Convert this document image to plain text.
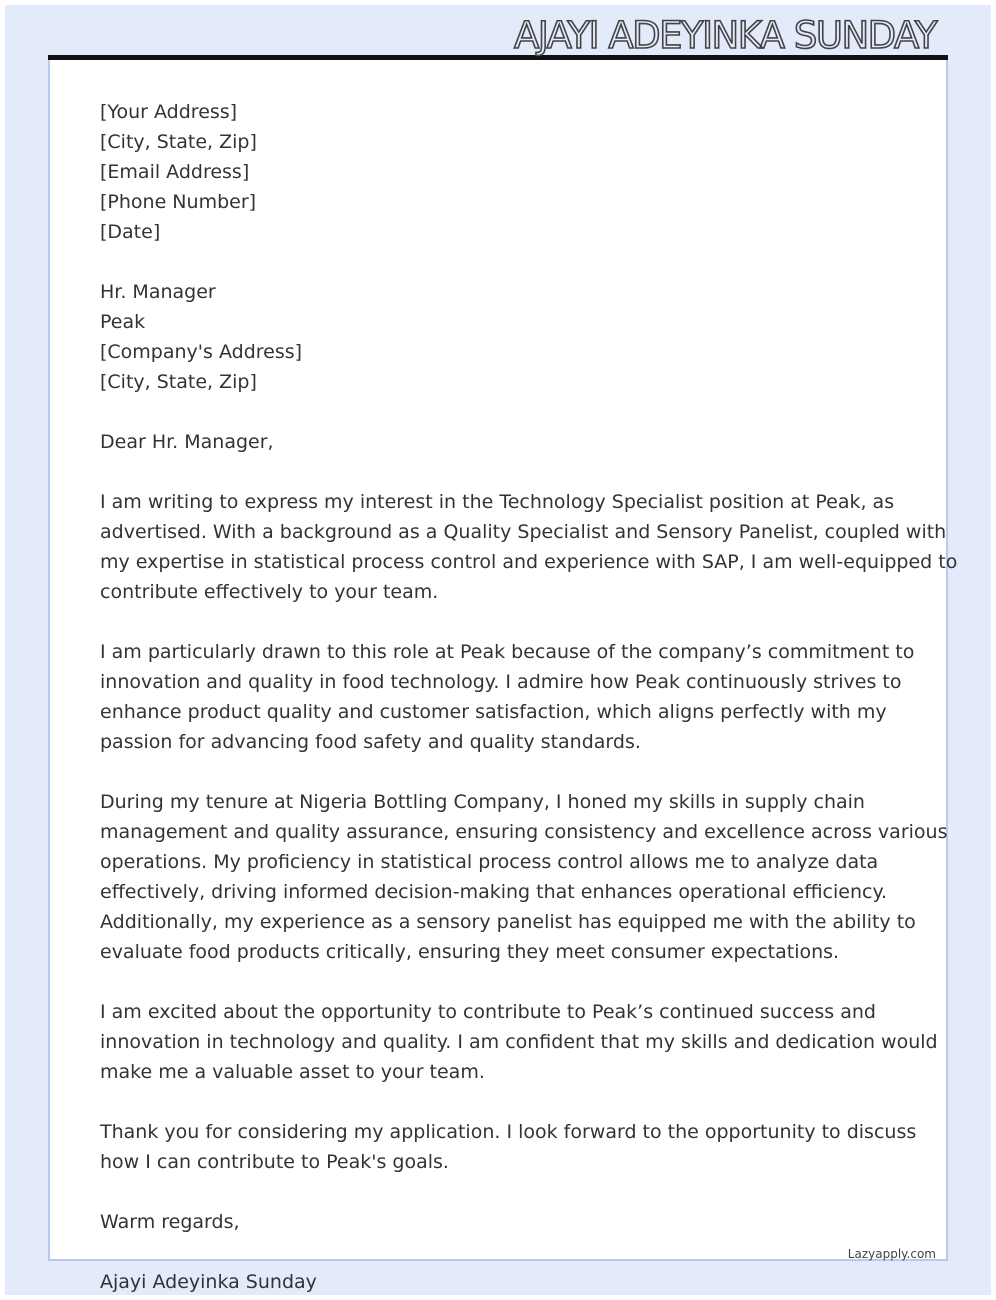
AJAYI ADEYINKA SUNDAY
[Your Address]
[City, State, Zip]
[Email Address]
[Phone Number]
[Date]
Hr. Manager
Peak
[Company's Address]
[City, State, Zip]
Dear Hr. Manager,
I am writing to express my interest in the Technology Specialist position at Peak, as
advertised. With a background as a Quality Specialist and Sensory Panelist, coupled with
my expertise in statistical process control and experience with SAP, I am well-equipped to
contribute effectively to your team.
I am particularly drawn to this role at Peak because of the company’s commitment to
innovation and quality in food technology. I admire how Peak continuously strives to
enhance product quality and customer satisfaction, which aligns perfectly with my
passion for advancing food safety and quality standards.
During my tenure at Nigeria Bottling Company, I honed my skills in supply chain
management and quality assurance, ensuring consistency and excellence across various
operations. My proficiency in statistical process control allows me to analyze data
effectively, driving informed decision-making that enhances operational efficiency.
Additionally, my experience as a sensory panelist has equipped me with the ability to
evaluate food products critically, ensuring they meet consumer expectations.
I am excited about the opportunity to contribute to Peak’s continued success and
innovation in technology and quality. I am confident that my skills and dedication would
make me a valuable asset to your team.
Thank you for considering my application. I look forward to the opportunity to discuss
how I can contribute to Peak's goals.
Warm regards,
Ajayi Adeyinka Sunday
Lazyapply.com
